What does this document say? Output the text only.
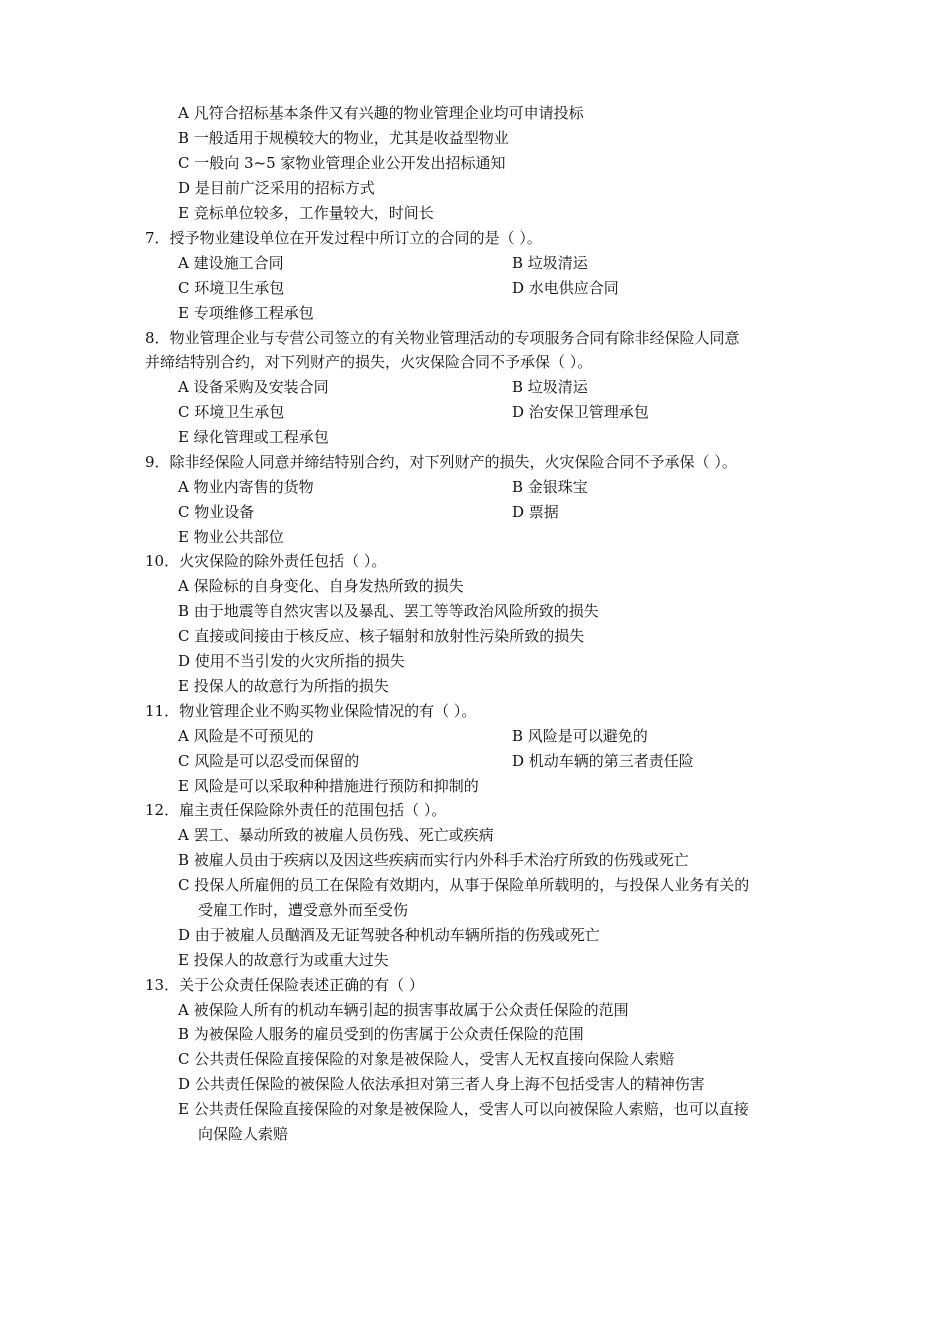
A 凡符合招标基本条件又有兴趣的物业管理企业均可申请投标
B 一般适用于规模较大的物业，尤其是收益型物业
C 一般向 3~5 家物业管理企业公开发出招标通知
D 是目前广泛采用的招标方式
E 竞标单位较多，工作量较大，时间长
7．授予物业建设单位在开发过程中所订立的合同的是（ ）。
A 建设施工合同	B 垃圾清运
C 环境卫生承包	D 水电供应合同
E 专项维修工程承包
8．物业管理企业与专营公司签立的有关物业管理活动的专项服务合同有除非经保险人同意
并缔结特别合约，对下列财产的损失，火灾保险合同不予承保（ ）。
A 设备采购及安装合同	B 垃圾清运
C 环境卫生承包	D 治安保卫管理承包
E 绿化管理或工程承包
9．除非经保险人同意并缔结特别合约，对下列财产的损失，火灾保险合同不予承保（ ）。
A 物业内寄售的货物	B 金银珠宝
C 物业设备	D 票据
E 物业公共部位
10．火灾保险的除外责任包括（ ）。
A 保险标的自身变化、自身发热所致的损失
B 由于地震等自然灾害以及暴乱、罢工等等政治风险所致的损失
C 直接或间接由于核反应、核子辐射和放射性污染所致的损失
D 使用不当引发的火灾所指的损失
E 投保人的故意行为所指的损失
11．物业管理企业不购买物业保险情况的有（ ）。
A 风险是不可预见的	B 风险是可以避免的
C 风险是可以忍受而保留的	D 机动车辆的第三者责任险
E 风险是可以采取种种措施进行预防和抑制的
12．雇主责任保险除外责任的范围包括（ ）。
A 罢工、暴动所致的被雇人员伤残、死亡或疾病
B 被雇人员由于疾病以及因这些疾病而实行内外科手术治疗所致的伤残或死亡
C 投保人所雇佣的员工在保险有效期内，从事于保险单所载明的，与投保人业务有关的
受雇工作时，遭受意外而至受伤
D 由于被雇人员酗酒及无证驾驶各种机动车辆所指的伤残或死亡
E 投保人的故意行为或重大过失
13．关于公众责任保险表述正确的有（ ）
A 被保险人所有的机动车辆引起的损害事故属于公众责任保险的范围
B 为被保险人服务的雇员受到的伤害属于公众责任保险的范围
C 公共责任保险直接保险的对象是被保险人，受害人无权直接向保险人索赔
D 公共责任保险的被保险人依法承担对第三者人身上海不包括受害人的精神伤害
E 公共责任保险直接保险的对象是被保险人，受害人可以向被保险人索赔，也可以直接
向保险人索赔
